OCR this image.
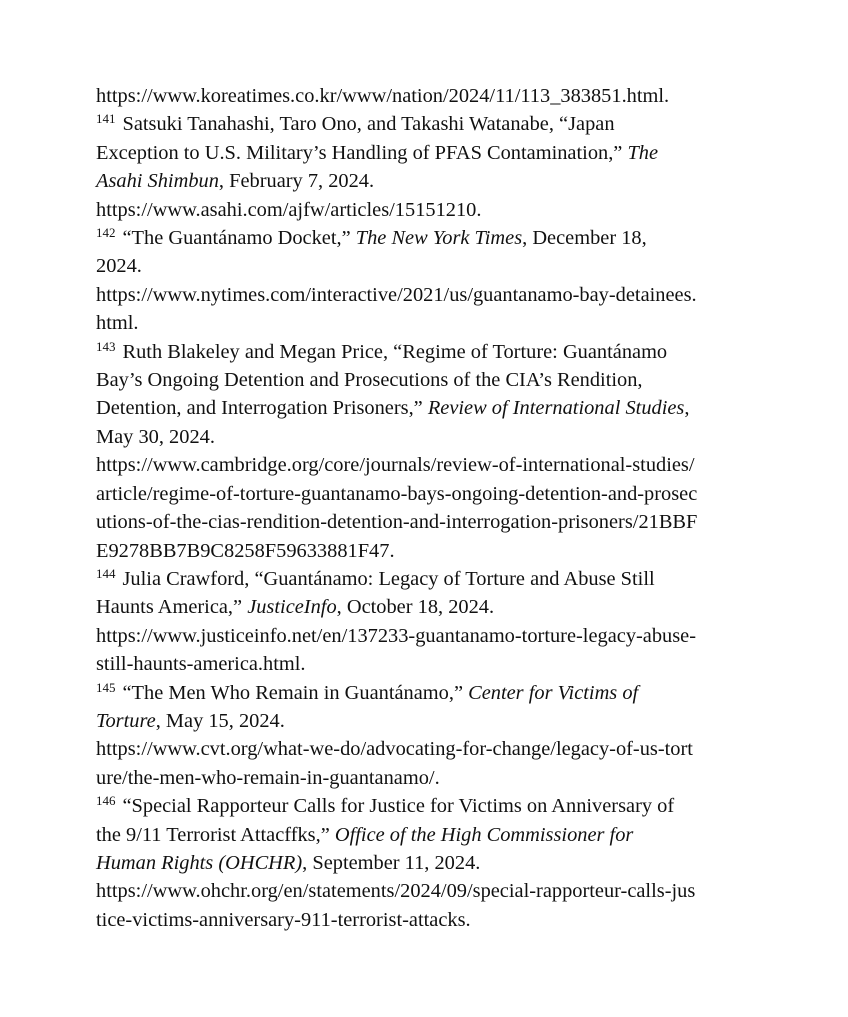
https://www.koreatimes.co.kr/www/nation/2024/11/113_383851.html.
$^{141}$ Satsuki Tanahashi, Taro Ono, and Takashi Watanabe, “Japan
Exception to U.S. Military’s Handling of PFAS Contamination,” The
Asahi Shimbun, February 7, 2024.
https://www.asahi.com/ajfw/articles/15151210.
$^{142}$ “The Guantánamo Docket,” The New York Times, December 18,
2024.
https://www.nytimes.com/interactive/2021/us/guantanamo-bay-detainees.
html.
$^{143}$ Ruth Blakeley and Megan Price, “Regime of Torture: Guantánamo
Bay’s Ongoing Detention and Prosecutions of the CIA’s Rendition,
Detention, and Interrogation Prisoners,” Review of International Studies,
May 30, 2024.
https://www.cambridge.org/core/journals/review-of-international-studies/
article/regime-of-torture-guantanamo-bays-ongoing-detention-and-prosec
utions-of-the-cias-rendition-detention-and-interrogation-prisoners/21BBF
E9278BB7B9C8258F59633881F47.
$^{144}$ Julia Crawford, “Guantánamo: Legacy of Torture and Abuse Still
Haunts America,” JusticeInfo, October 18, 2024.
https://www.justiceinfo.net/en/137233-guantanamo-torture-legacy-abuse-
still-haunts-america.html.
$^{145}$ “The Men Who Remain in Guantánamo,” Center for Victims of
Torture, May 15, 2024.
https://www.cvt.org/what-we-do/advocating-for-change/legacy-of-us-tort
ure/the-men-who-remain-in-guantanamo/.
$^{146}$ “Special Rapporteur Calls for Justice for Victims on Anniversary of
the 9/11 Terrorist Attacffks,” Office of the High Commissioner for
Human Rights (OHCHR), September 11, 2024.
https://www.ohchr.org/en/statements/2024/09/special-rapporteur-calls-jus
tice-victims-anniversary-911-terrorist-attacks.
